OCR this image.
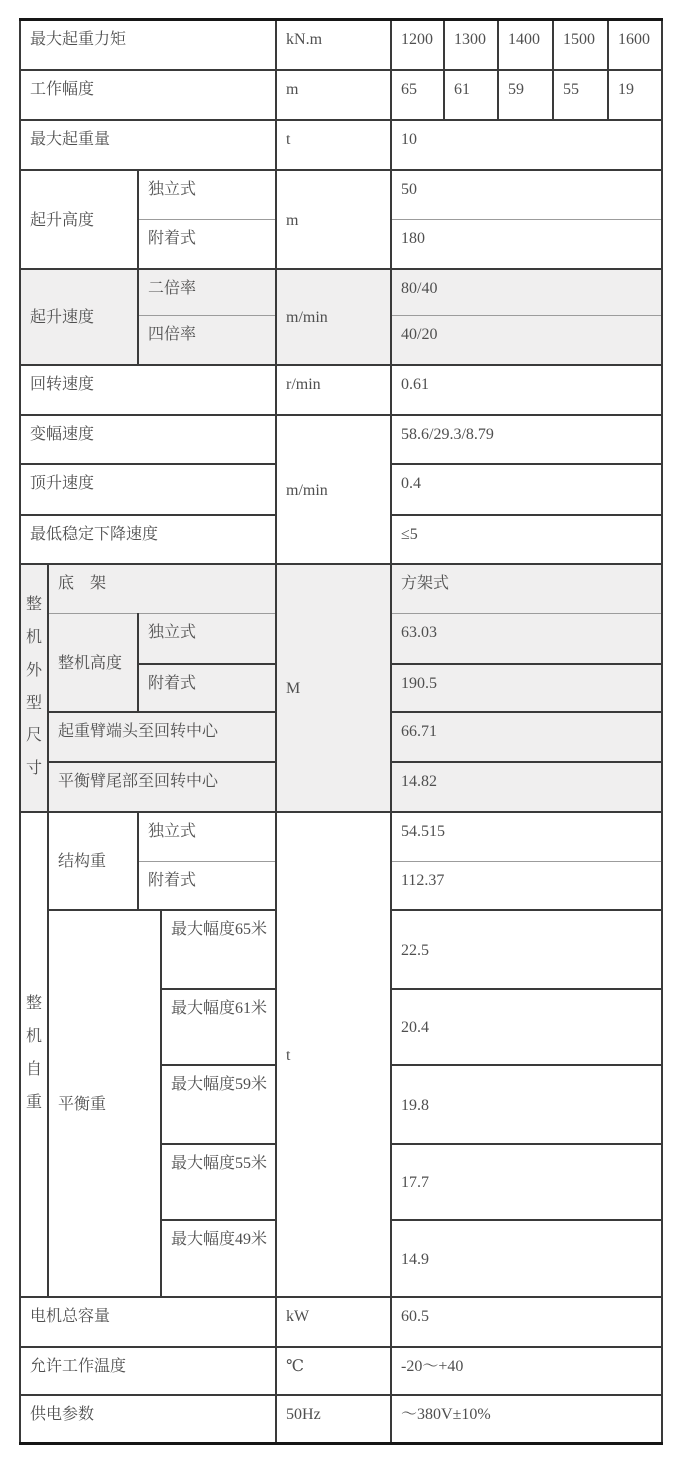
最大起重力矩				kN.m	1200	1300	1400	1500	1600
工作幅度				m	65	61	59	55	19
最大起重量				t	10				
起升高度		独立式		m	50				
		附着式			180				
起升速度		二倍率		m/min	80/40				
		四倍率			40/20				
回转速度				r/min	0.61				
变幅速度				m/min	58.6/29.3/8.79				
顶升速度					0.4				
最低稳定下降速度					≤5				
整机外型尺寸	底　架			M	方架式				
	整机高度	独立式			63.03				
		附着式			190.5				
	起重臂端头至回转中心				66.71				
	平衡臂尾部至回转中心				14.82				
整机自重	结构重	独立式		t	54.515				
		附着式			112.37				
	平衡重		最大幅度65米		22.5				
			最大幅度61米		20.4				
			最大幅度59米		19.8				
			最大幅度55米		17.7				
			最大幅度49米		14.9				
电机总容量				kW	60.5				
允许工作温度				℃	-20～+40				
供电参数				50Hz	～380V±10%				
